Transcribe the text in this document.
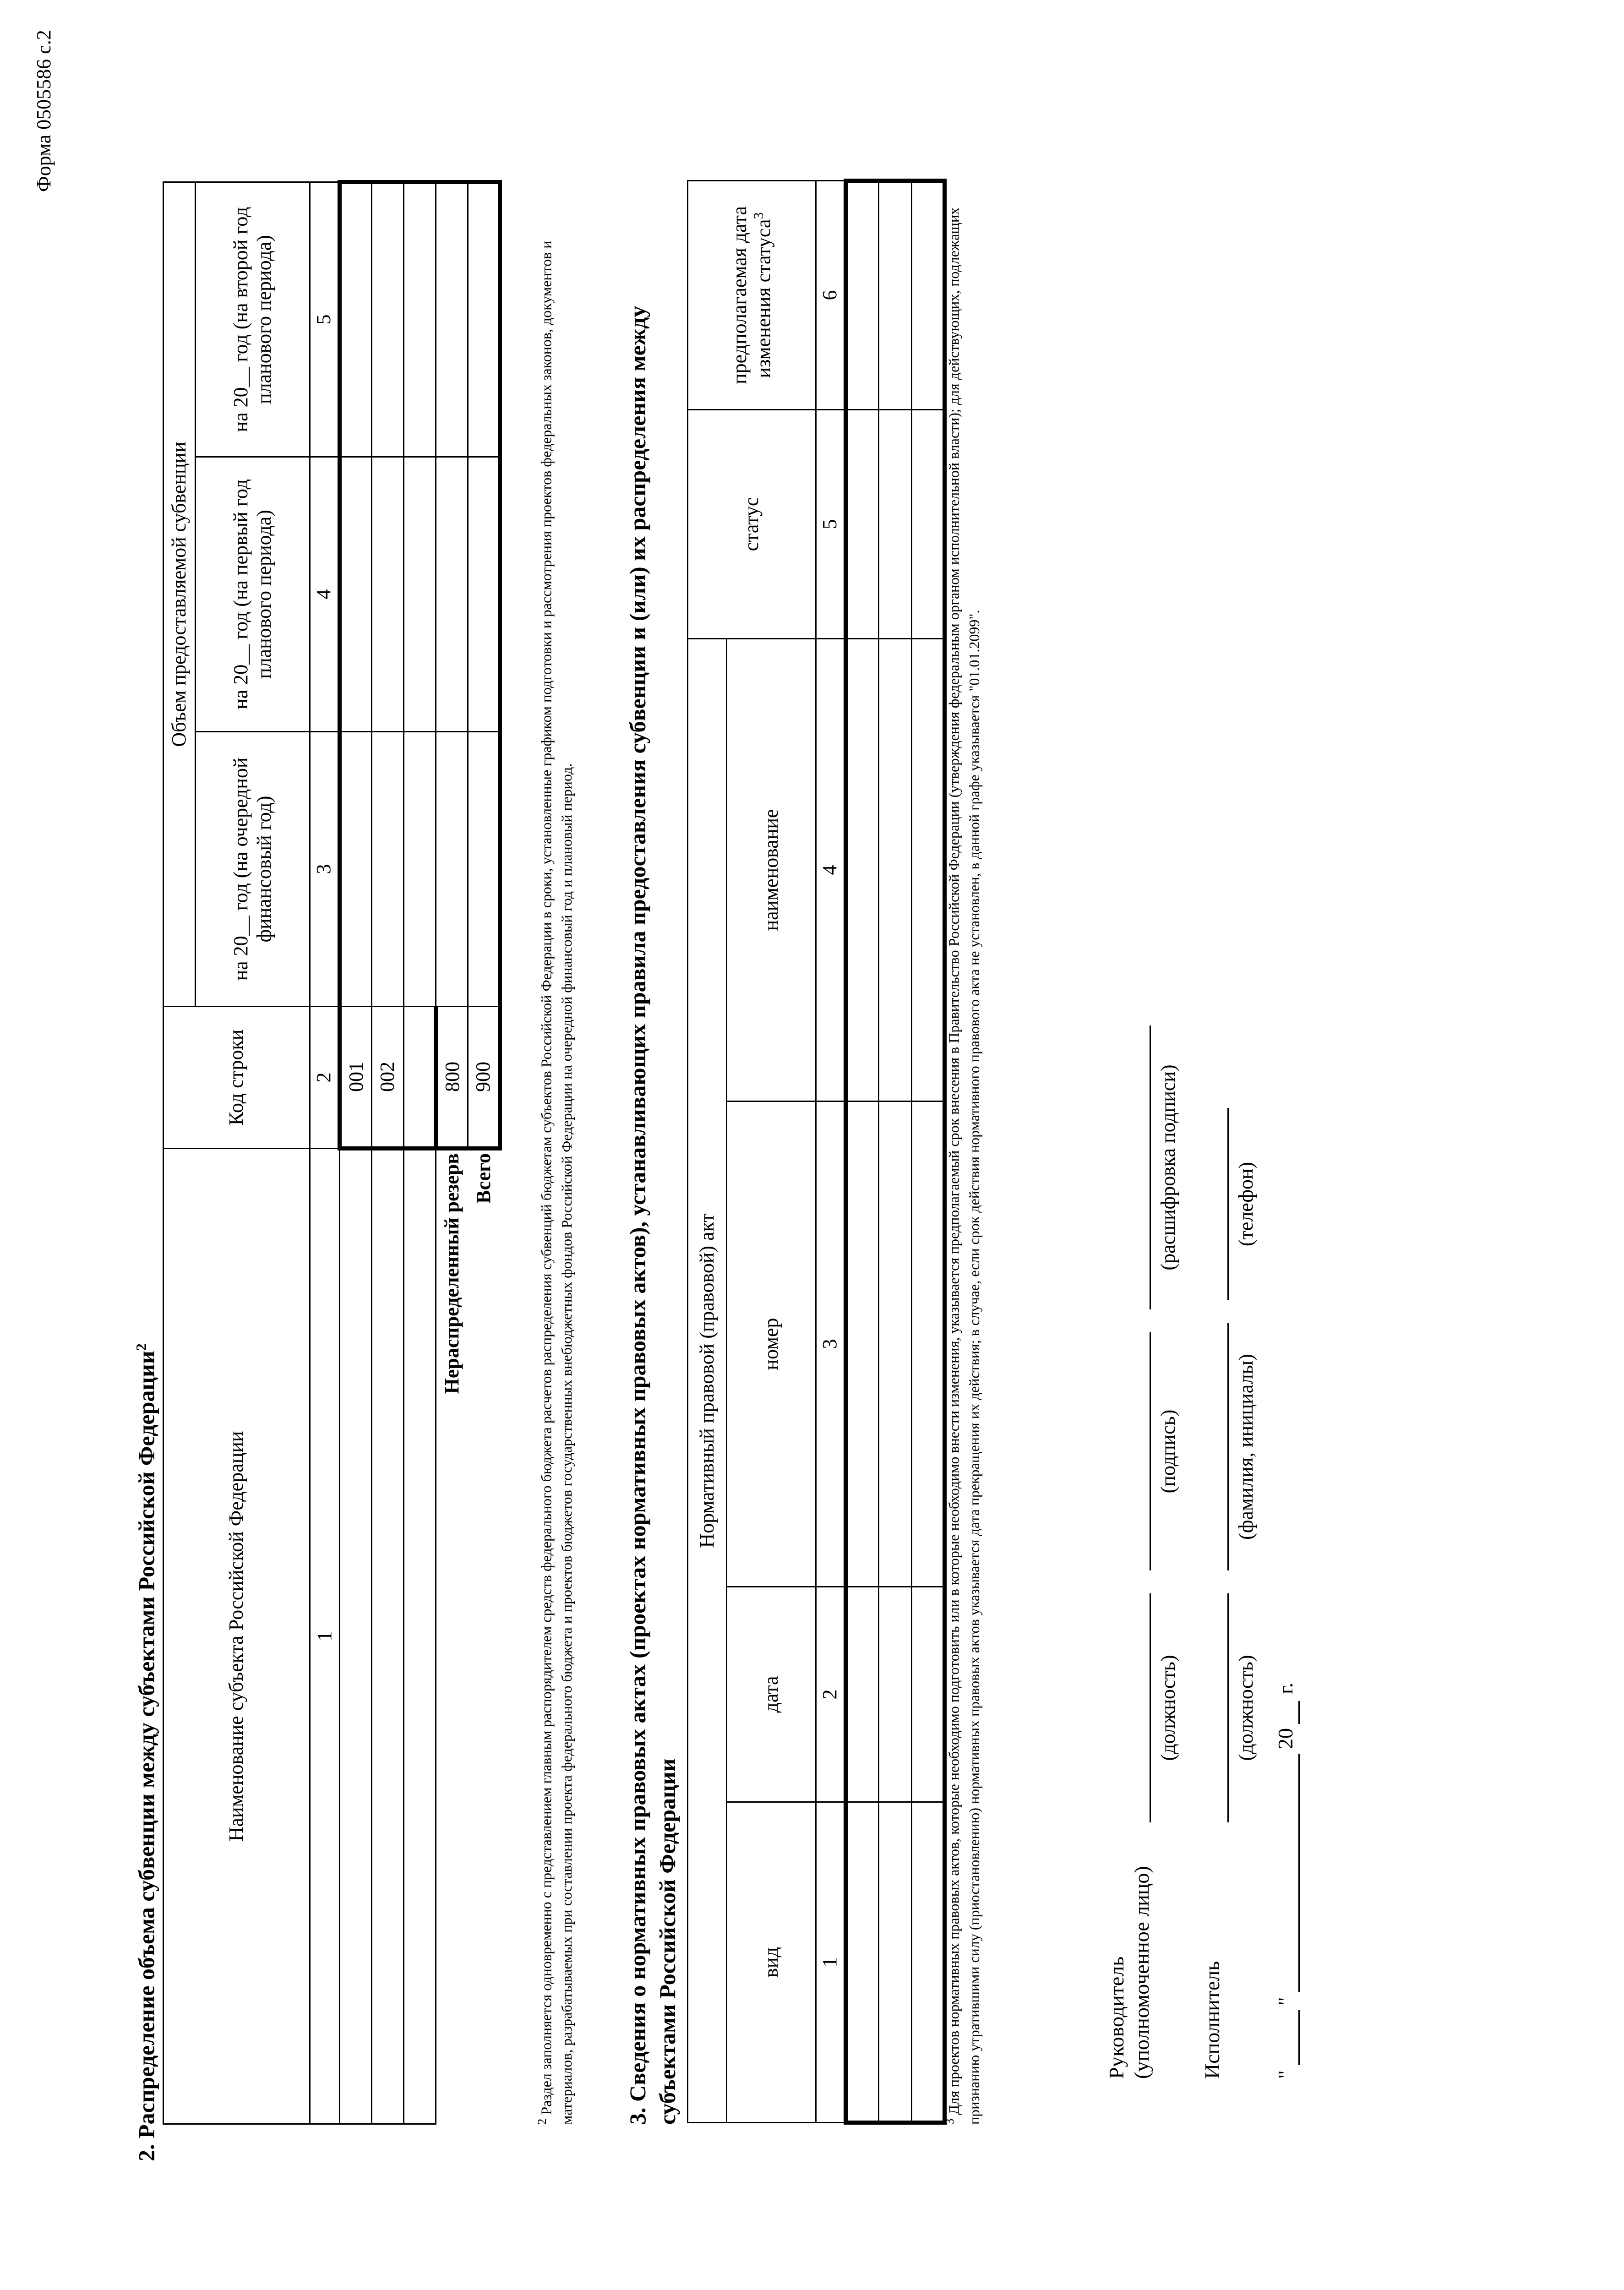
Форма 0505586 с.2
2. Распределение объема субвенции между субъектами Российской Федерации$^2$
Наименование субъекта Российской Федерации	Код строки	Объем предоставляемой субвенции		
		на 20__ год (на очередной финансовый год)	на 20__ год (на первый год планового периода)	на 20__ год (на второй год планового периода)
1	2	3	4	5
	001			
	002			

Нераспределенный резерв	800			
Всего	900			
$^2$ Раздел заполняется одновременно с представлением главным распорядителем средств федерального бюджета расчетов распределения субвенций бюджетам субъектов Российской Федерации в сроки, установленные графиком подготовки и рассмотрения проектов федеральных законов, документов и материалов, разрабатываемых при составлении проекта федерального бюджета и проектов бюджетов государственных внебюджетных фондов Российской Федерации на очередной финансовый год и плановый период. 3. Сведения о нормативных правовых актах (проектах нормативных правовых актов), устанавливающих правила предоставления субвенции и (или) их распределения между субъектами Российской Федерации
Нормативный правовой (правовой) акт				статус	предполагаемая дата изменения статуса$^3$
вид	дата	номер	наименование		
1	2	3	4	5	6

$^3$ Для проектов нормативных правовых актов, которые необходимо подготовить или в которые необходимо внести изменения, указывается предполагаемый срок внесения в Правительство Российской Федерации (утверждения федеральным органом исполнительной власти); для действующих, подлежащих признанию утратившими силу (приостановлению) нормативных правовых актов указывается дата прекращения их действия; в случае, если срок действия нормативного правового акта не установлен, в данной графе указывается "01.01.2099".	Руководитель (уполномоченное лицо)
(должность)
(подпись)
(расшифровка подписи)
Исполнитель
(должность)
(фамилия, инициалы)
(телефон)
"
"
20
г.
